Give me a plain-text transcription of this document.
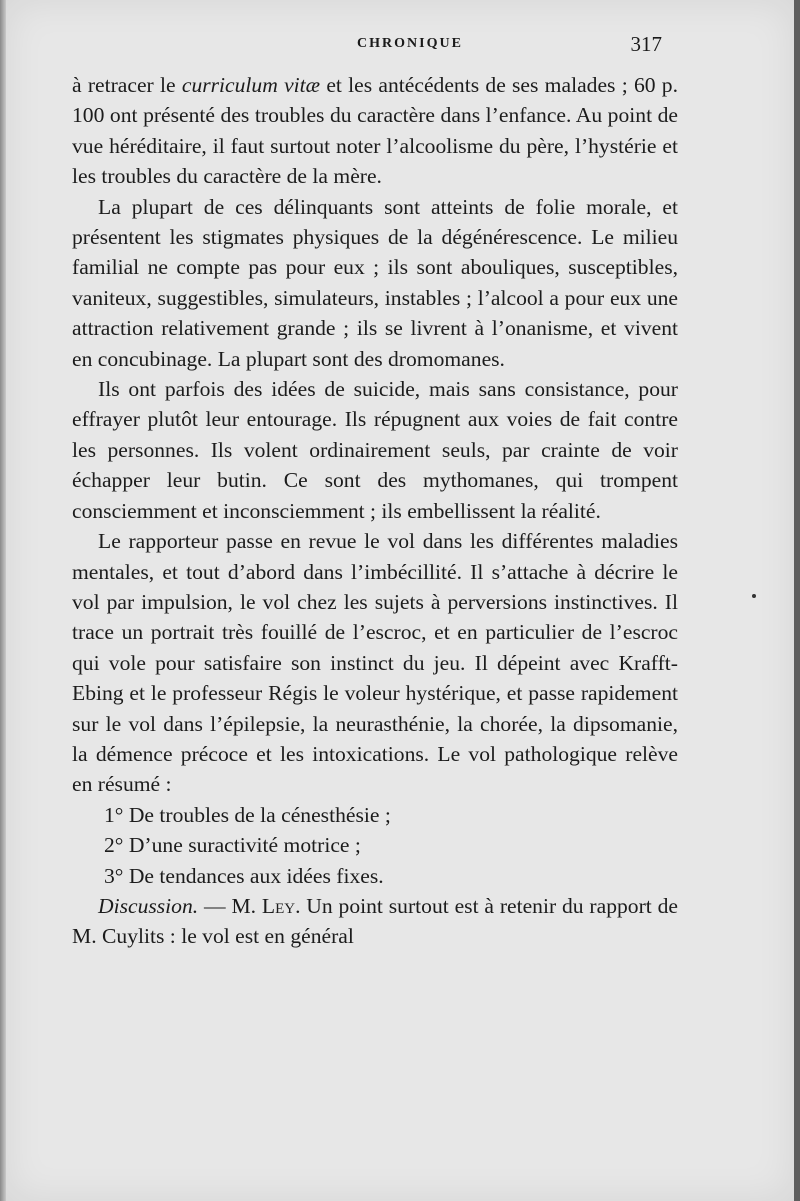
CHRONIQUE	317

à retracer le curriculum vitæ et les antécédents de ses malades ; 60 p. 100 ont présenté des troubles du caractère dans l’enfance. Au point de vue héréditaire, il faut surtout noter l’alcoolisme du père, l’hystérie et les troubles du caractère de la mère.

La plupart de ces délinquants sont atteints de folie morale, et présentent les stigmates physiques de la dégénérescence. Le milieu familial ne compte pas pour eux ; ils sont abouliques, susceptibles, vaniteux, suggestibles, simulateurs, instables ; l’alcool a pour eux une attraction relativement grande ; ils se livrent à l’onanisme, et vivent en concubinage. La plupart sont des dromomanes.

Ils ont parfois des idées de suicide, mais sans consistance, pour effrayer plutôt leur entourage. Ils répugnent aux voies de fait contre les personnes. Ils volent ordinairement seuls, par crainte de voir échapper leur butin. Ce sont des mythomanes, qui trompent consciemment et inconsciemment ; ils embellissent la réalité.

Le rapporteur passe en revue le vol dans les différentes maladies mentales, et tout d’abord dans l’imbécillité. Il s’attache à décrire le vol par impulsion, le vol chez les sujets à perversions instinctives. Il trace un portrait très fouillé de l’escroc, et en particulier de l’escroc qui vole pour satisfaire son instinct du jeu. Il dépeint avec Krafft-Ebing et le professeur Régis le voleur hystérique, et passe rapidement sur le vol dans l’épilepsie, la neurasthénie, la chorée, la dipsomanie, la démence précoce et les intoxications. Le vol pathologique relève en résumé :

1° De troubles de la cénesthésie ;

2° D’une suractivité motrice ;

3° De tendances aux idées fixes.

Discussion. — M. Ley. Un point surtout est à retenir du rapport de M. Cuylits : le vol est en général
